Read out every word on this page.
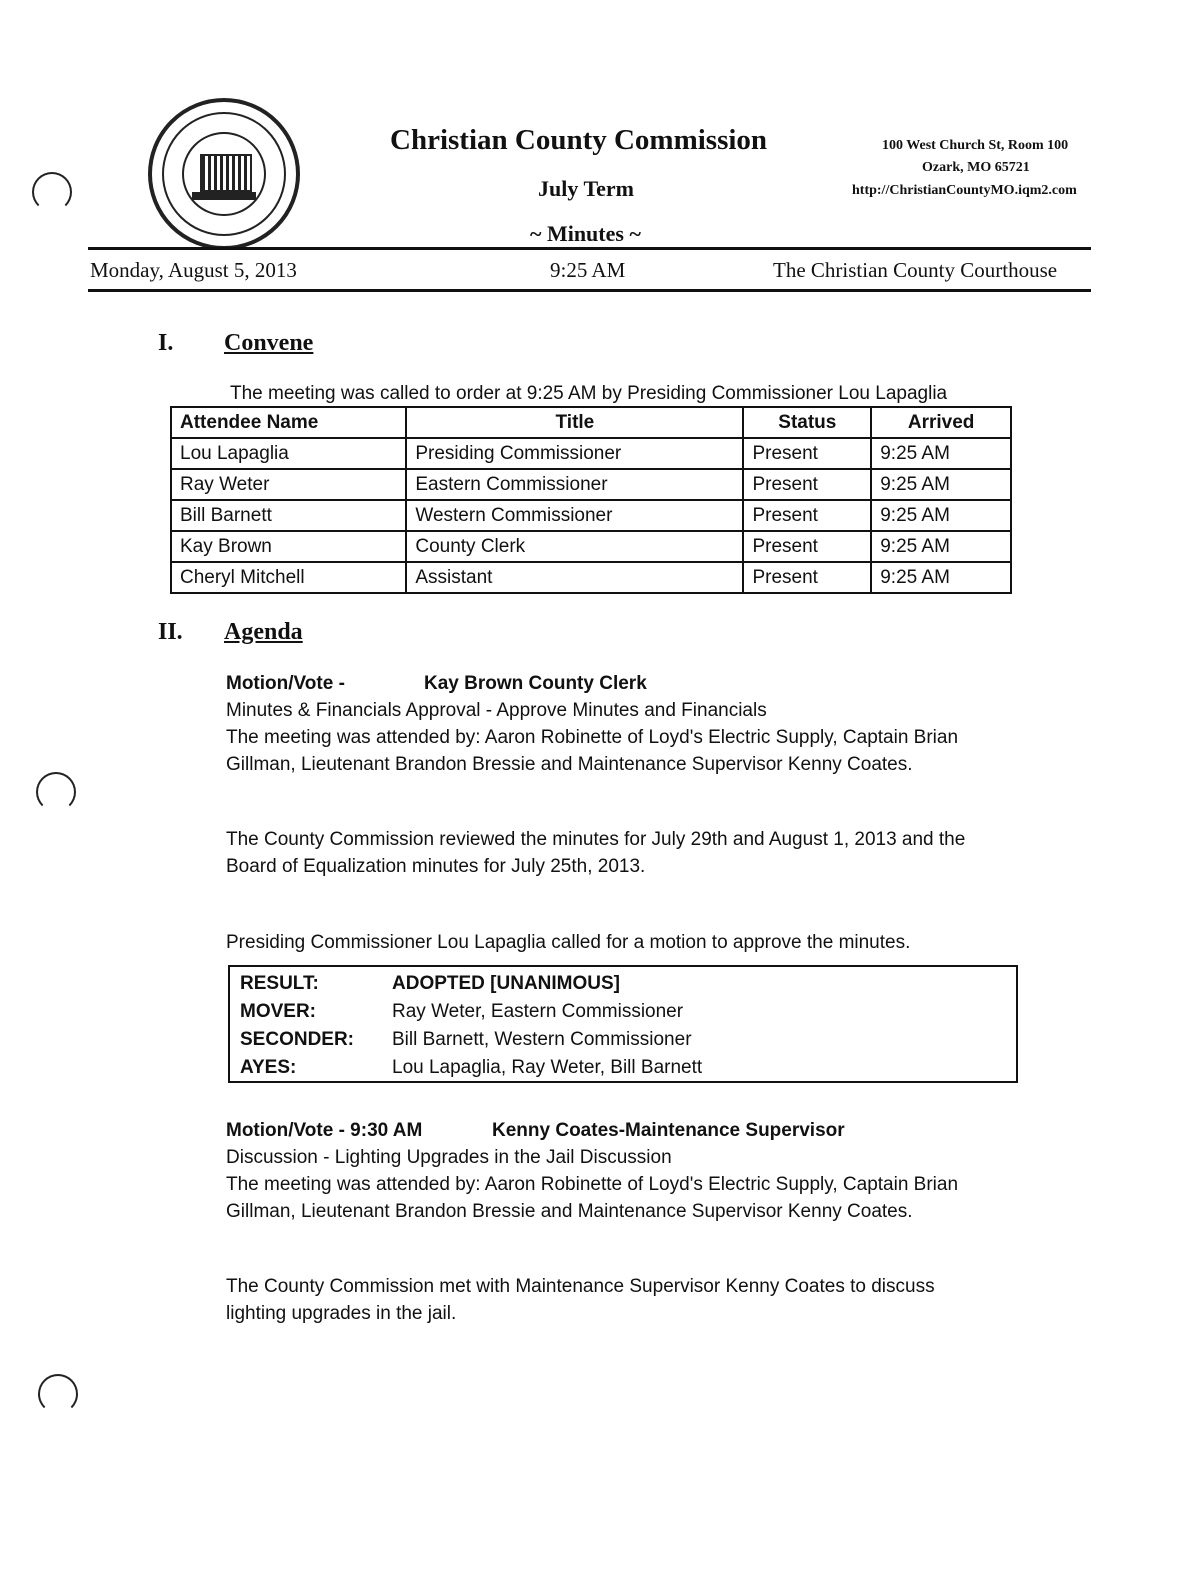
Christian County Commission
July Term
~ Minutes ~
100 West Church St, Room 100
Ozark, MO 65721
http://ChristianCountyMO.iqm2.com
Monday, August 5, 2013	9:25 AM	The Christian County Courthouse
I. Convene
The meeting was called to order at 9:25 AM by Presiding Commissioner Lou Lapaglia
Attendee Name	Title	Status	Arrived
Lou Lapaglia	Presiding Commissioner	Present	9:25 AM
Ray Weter	Eastern Commissioner	Present	9:25 AM
Bill Barnett	Western Commissioner	Present	9:25 AM
Kay Brown	County Clerk	Present	9:25 AM
Cheryl Mitchell	Assistant	Present	9:25 AM
II. Agenda
Motion/Vote -	Kay Brown County Clerk
Minutes & Financials Approval - Approve Minutes and Financials
The meeting was attended by: Aaron Robinette of Loyd's Electric Supply, Captain Brian
Gillman, Lieutenant Brandon Bressie and Maintenance Supervisor Kenny Coates.
The County Commission reviewed the minutes for July 29th and August 1, 2013 and the
Board of Equalization minutes for July 25th, 2013.
Presiding Commissioner Lou Lapaglia called for a motion to approve the minutes.
RESULT:	ADOPTED [UNANIMOUS]
MOVER:	Ray Weter, Eastern Commissioner
SECONDER: Bill Barnett, Western Commissioner
AYES:	Lou Lapaglia, Ray Weter, Bill Barnett
Motion/Vote - 9:30 AM	Kenny Coates-Maintenance Supervisor
Discussion - Lighting Upgrades in the Jail Discussion
The meeting was attended by: Aaron Robinette of Loyd's Electric Supply, Captain Brian
Gillman, Lieutenant Brandon Bressie and Maintenance Supervisor Kenny Coates.
The County Commission met with Maintenance Supervisor Kenny Coates to discuss
lighting upgrades in the jail.
